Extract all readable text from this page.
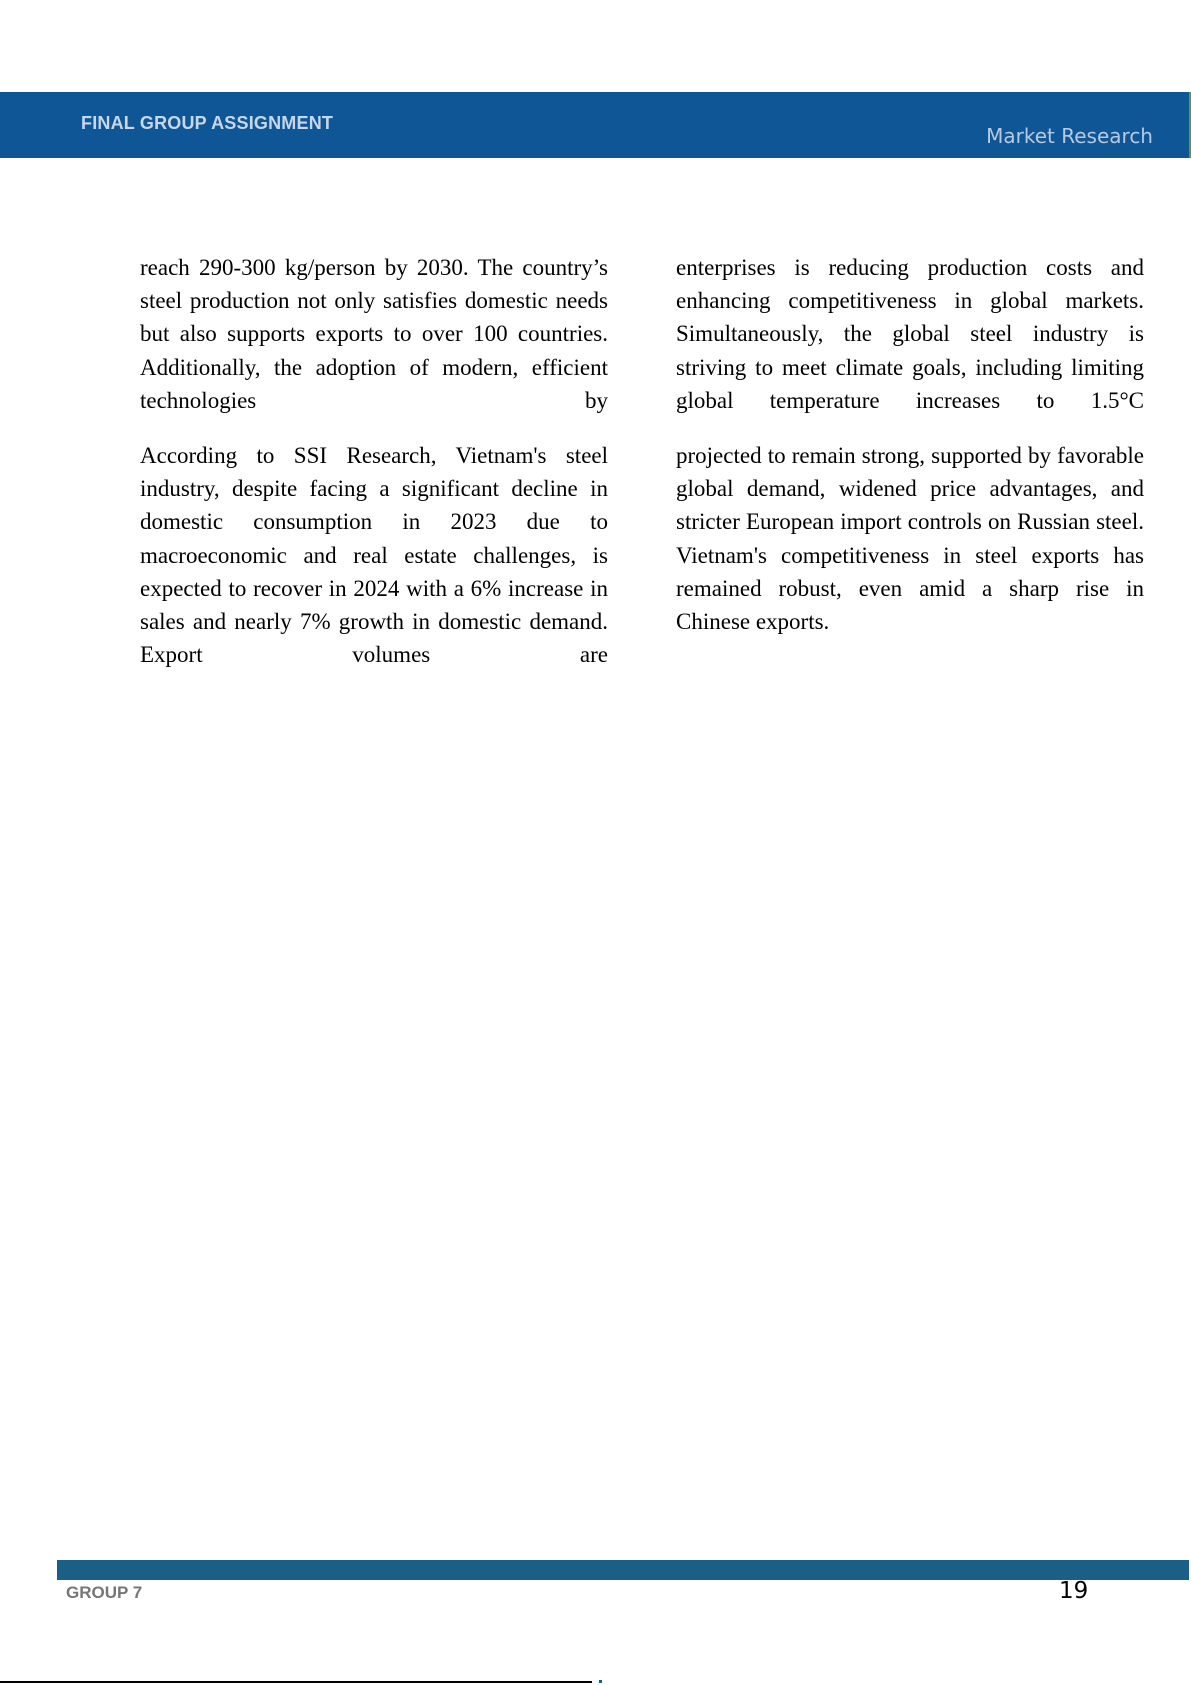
FINAL GROUP ASSIGNMENT
Market Research

reach 290-300 kg/person by 2030. The country’s steel production not only satisfies domestic needs but also supports exports to over 100 countries. Additionally, the adoption of modern, efficient technologies by

enterprises is reducing production costs and enhancing competitiveness in global markets. Simultaneously, the global steel industry is striving to meet climate goals, including limiting global temperature increases to 1.5°C

According to SSI Research, Vietnam's steel industry, despite facing a significant decline in domestic consumption in 2023 due to macroeconomic and real estate challenges, is expected to recover in 2024 with a 6% increase in sales and nearly 7% growth in domestic demand. Export volumes are

projected to remain strong, supported by favorable global demand, widened price advantages, and stricter European import controls on Russian steel. Vietnam's competitiveness in steel exports has remained robust, even amid a sharp rise in Chinese exports.

GROUP 7	19
